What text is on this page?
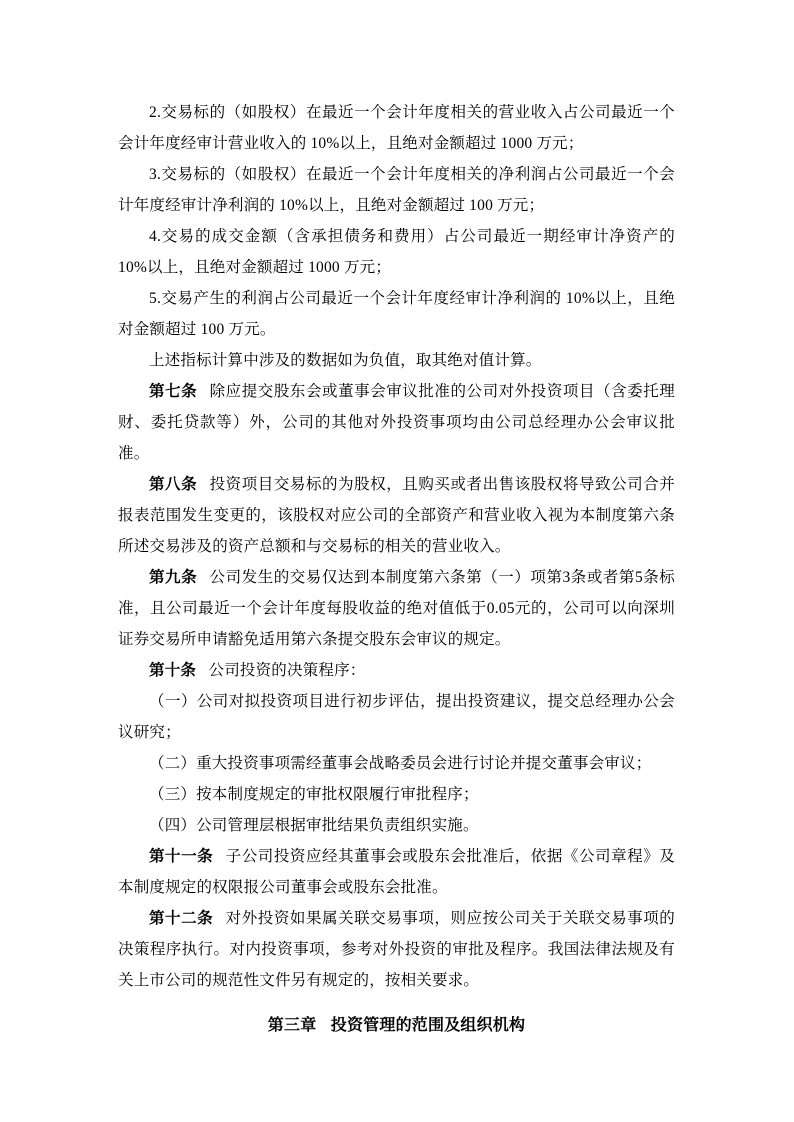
2.交易标的（如股权）在最近一个会计年度相关的营业收入占公司最近一个会计年度经审计营业收入的 10%以上，且绝对金额超过 1000 万元；

3.交易标的（如股权）在最近一个会计年度相关的净利润占公司最近一个会计年度经审计净利润的 10%以上，且绝对金额超过 100 万元；

4.交易的成交金额（含承担债务和费用）占公司最近一期经审计净资产的 10%以上，且绝对金额超过 1000 万元；

5.交易产生的利润占公司最近一个会计年度经审计净利润的 10%以上，且绝对金额超过 100 万元。

上述指标计算中涉及的数据如为负值，取其绝对值计算。

第七条 除应提交股东会或董事会审议批准的公司对外投资项目（含委托理财、委托贷款等）外，公司的其他对外投资事项均由公司总经理办公会审议批准。

第八条 投资项目交易标的为股权，且购买或者出售该股权将导致公司合并报表范围发生变更的，该股权对应公司的全部资产和营业收入视为本制度第六条所述交易涉及的资产总额和与交易标的相关的营业收入。

第九条 公司发生的交易仅达到本制度第六条第（一）项第3条或者第5条标准，且公司最近一个会计年度每股收益的绝对值低于0.05元的，公司可以向深圳证券交易所申请豁免适用第六条提交股东会审议的规定。

第十条 公司投资的决策程序：

（一）公司对拟投资项目进行初步评估，提出投资建议，提交总经理办公会议研究；

（二）重大投资事项需经董事会战略委员会进行讨论并提交董事会审议；

（三）按本制度规定的审批权限履行审批程序；

（四）公司管理层根据审批结果负责组织实施。

第十一条 子公司投资应经其董事会或股东会批准后，依据《公司章程》及本制度规定的权限报公司董事会或股东会批准。

第十二条 对外投资如果属关联交易事项，则应按公司关于关联交易事项的决策程序执行。对内投资事项，参考对外投资的审批及程序。我国法律法规及有关上市公司的规范性文件另有规定的，按相关要求。

第三章 投资管理的范围及组织机构
